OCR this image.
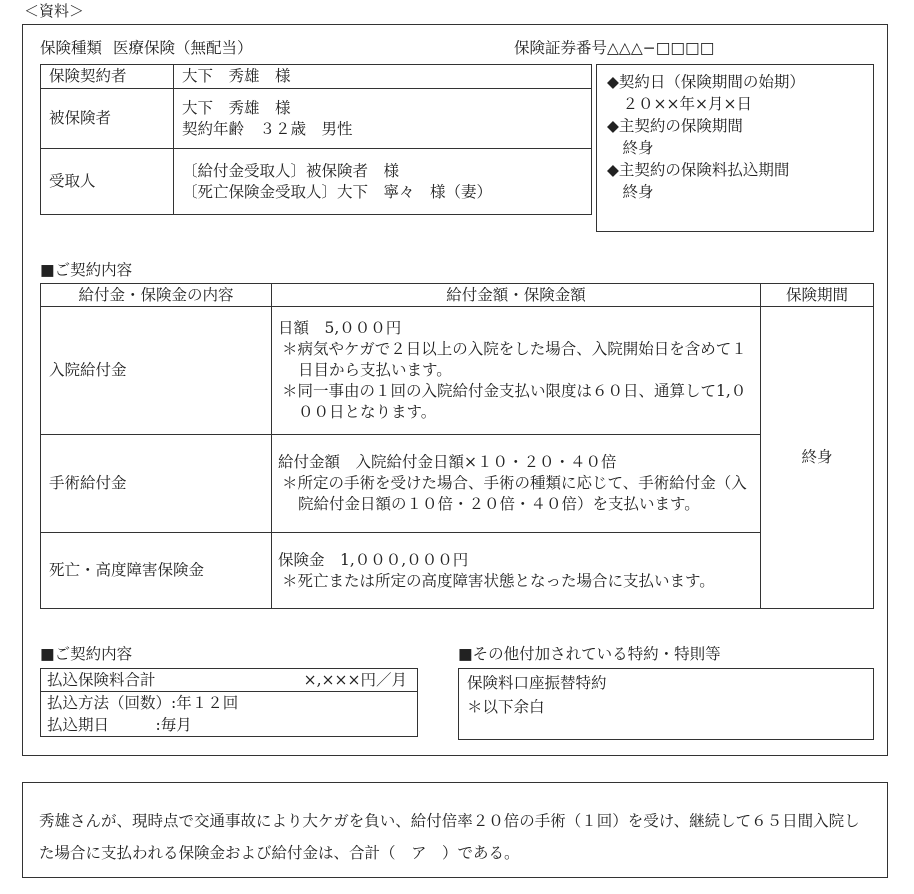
＜資料＞
保険種類 医療保険（無配当）	保険証券番号△△△−□□□□
保険契約者	大下　秀雄　様

被保険者	大下　秀雄　様
契約年齢　３２歳　男性

受取人	〔給付金受取人〕被保険者　様
〔死亡保険金受取人〕大下　寧々　様（妻）
◆契約日（保険期間の始期）
　２０××年×月×日
◆主契約の保険期間
　終身
◆主契約の保険料払込期間
　終身
■ご契約内容
給付金・保険金の内容	給付金額・保険金額	保険期間
入院給付金	日額　5,０００円
＊病気やケガで２日以上の入院をした場合、入院開始日を含めて１日目から支払います。
＊同一事由の１回の入院給付金支払い限度は６０日、通算して1,０００日となります。	終身
手術給付金	給付金額　入院給付金日額×１０・２０・４０倍
＊所定の手術を受けた場合、手術の種類に応じて、手術給付金（入院給付金日額の１０倍・２０倍・４０倍）を支払います。	

死亡・高度障害保険金	保険金　1,０００,０００円
＊死亡または所定の高度障害状態となった場合に支払います。	
■ご契約内容	■その他付加されている特約・特則等
払込保険料合計	×,×××円／月

払込方法（回数）:年１２回
払込期日　　　:毎月
保険料口座振替特約
＊以下余白
秀雄さんが、現時点で交通事故により大ケガを負い、給付倍率２０倍の手術（１回）を受け、継続して６５日間入院した場合に支払われる保険金および給付金は、合計（　ア　）である。
